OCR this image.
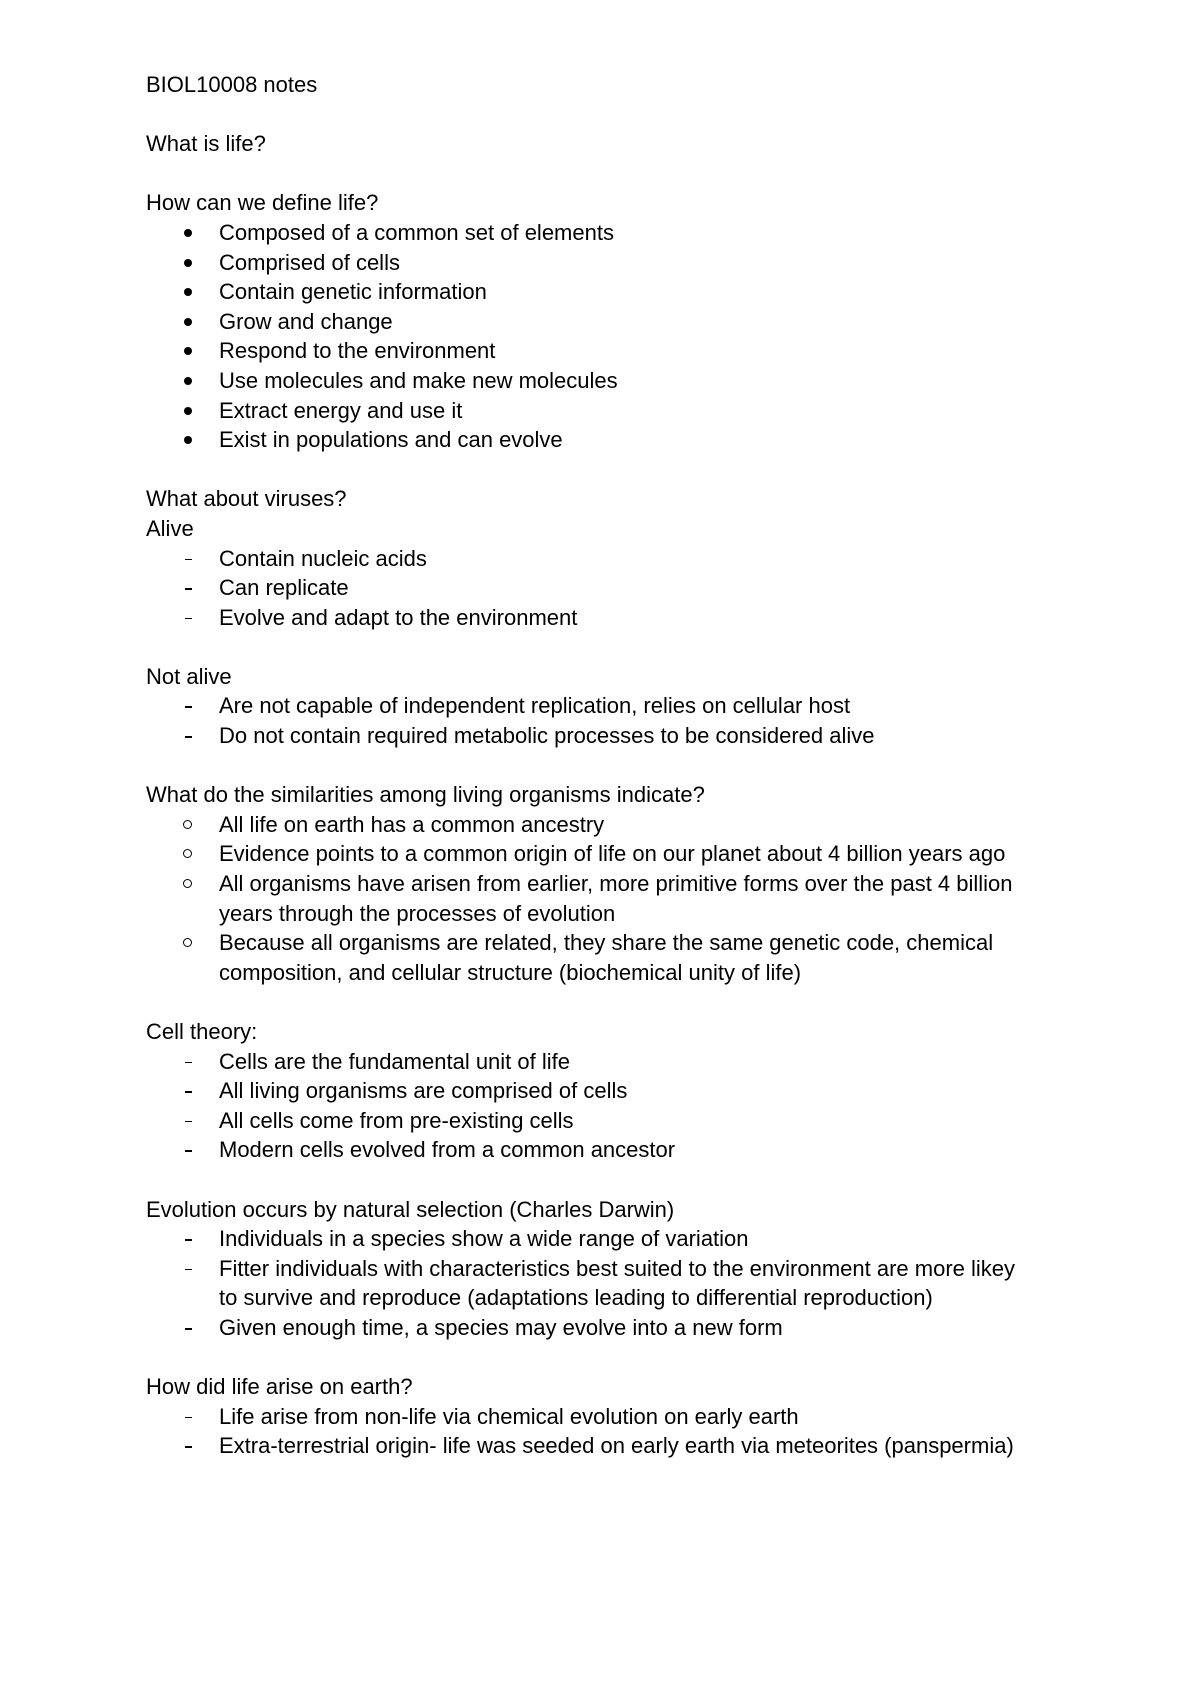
BIOL10008 notes

What is life?

How can we define life?

Composed of a common set of elements
Comprised of cells
Contain genetic information
Grow and change
Respond to the environment
Use molecules and make new molecules
Extract energy and use it
Exist in populations and can evolve

What about viruses?

Alive

Contain nucleic acids
Can replicate
Evolve and adapt to the environment

Not alive

Are not capable of independent replication, relies on cellular host
Do not contain required metabolic processes to be considered alive

What do the similarities among living organisms indicate?

All life on earth has a common ancestry
Evidence points to a common origin of life on our planet about 4 billion years ago
All organisms have arisen from earlier, more primitive forms over the past 4 billion
years through the processes of evolution
Because all organisms are related, they share the same genetic code, chemical
composition, and cellular structure (biochemical unity of life)

Cell theory:

Cells are the fundamental unit of life
All living organisms are comprised of cells
All cells come from pre-existing cells
Modern cells evolved from a common ancestor

Evolution occurs by natural selection (Charles Darwin)

Individuals in a species show a wide range of variation
Fitter individuals with characteristics best suited to the environment are more likey
to survive and reproduce (adaptations leading to differential reproduction)
Given enough time, a species may evolve into a new form

How did life arise on earth?

Life arise from non-life via chemical evolution on early earth
Extra-terrestrial origin- life was seeded on early earth via meteorites (panspermia)
